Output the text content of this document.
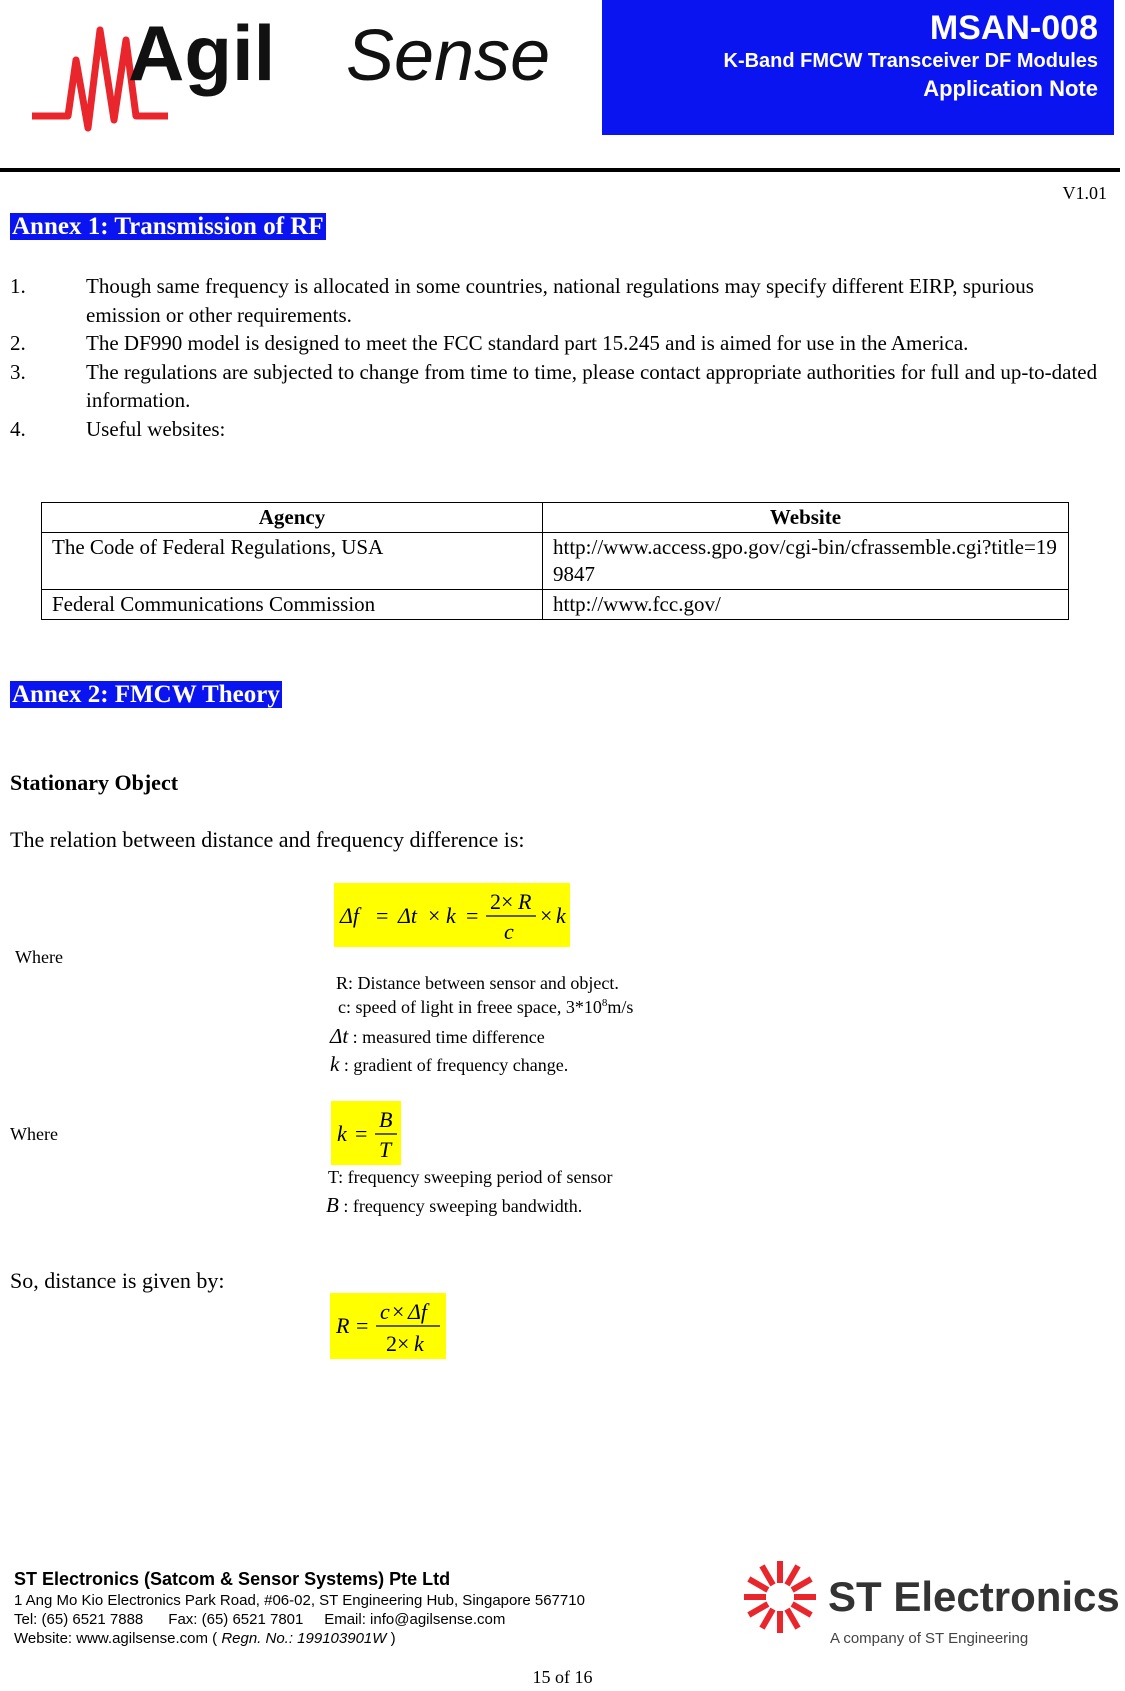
Agil Sense	MSAN-008
K-Band FMCW Transceiver DF Modules
Application Note
V1.01
Annex 1: Transmission of RF
1.	Though same frequency is allocated in some countries, national regulations may specify different EIRP, spurious emission or other requirements.
2.	The DF990 model is designed to meet the FCC standard part 15.245 and is aimed for use in the America.
3.	The regulations are subjected to change from time to time, please contact appropriate authorities for full and up-to-dated information.
4.	Useful websites:
Agency	Website
The Code of Federal Regulations, USA	http://www.access.gpo.gov/cgi-bin/cfrassemble.cgi?title=199847
Federal Communications Commission	http://www.fcc.gov/
Annex 2: FMCW Theory
Stationary Object
The relation between distance and frequency difference is:
Δf = Δt × k =
2× R
c
× k
Where
R: Distance between sensor and object.
c: speed of light in freee space, $3*10^8m/s$
Δt : measured time difference
k : gradient of frequency change.
Where	k =
B
T
T: frequency sweeping period of sensor
B : frequency sweeping bandwidth.
So, distance is given by:
R =
c × Δf
2× k
ST Electronics (Satcom & Sensor Systems) Pte Ltd
1 Ang Mo Kio Electronics Park Road, #06-02, ST Engineering Hub, Singapore 567710
Tel: (65) 6521 7888 Fax: (65) 6521 7801 Email: info@agilsense.com
Website: www.agilsense.com ( Regn. No.: 199103901W )
ST Electronics
A company of ST Engineering
15 of 16
